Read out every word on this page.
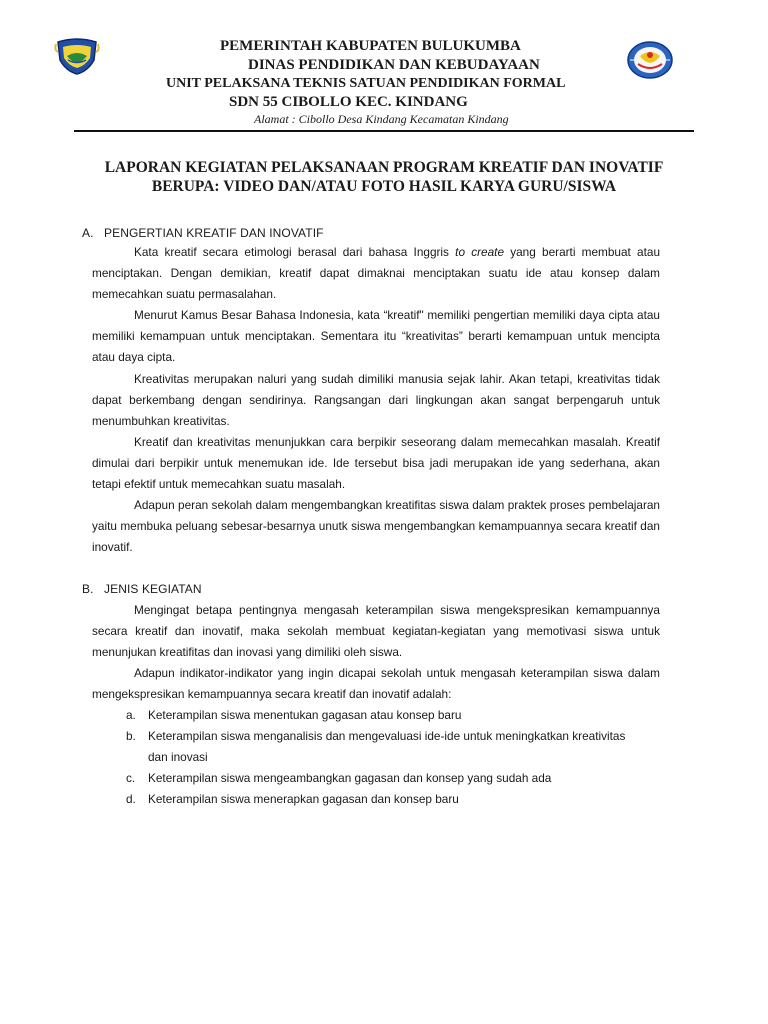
PEMERINTAH KABUPATEN BULUKUMBA
DINAS PENDIDIKAN DAN KEBUDAYAAN
UNIT PELAKSANA TEKNIS SATUAN PENDIDIKAN FORMAL
SDN 55 CIBOLLO KEC. KINDANG
Alamat : Cibollo Desa Kindang Kecamatan Kindang
LAPORAN KEGIATAN PELAKSANAAN PROGRAM KREATIF DAN INOVATIF BERUPA: VIDEO DAN/ATAU FOTO HASIL KARYA GURU/SISWA
A. PENGERTIAN KREATIF DAN INOVATIF

Kata kreatif secara etimologi berasal dari bahasa Inggris to create yang berarti membuat atau menciptakan. Dengan demikian, kreatif dapat dimaknai menciptakan suatu ide atau konsep dalam memecahkan suatu permasalahan.

Menurut Kamus Besar Bahasa Indonesia, kata “kreatif" memiliki pengertian memiliki daya cipta atau memiliki kemampuan untuk menciptakan. Sementara itu “kreativitas” berarti kemampuan untuk mencipta atau daya cipta.

Kreativitas merupakan naluri yang sudah dimiliki manusia sejak lahir. Akan tetapi, kreativitas tidak dapat berkembang dengan sendirinya. Rangsangan dari lingkungan akan sangat berpengaruh untuk menumbuhkan kreativitas.

Kreatif dan kreativitas menunjukkan cara berpikir seseorang dalam memecahkan masalah. Kreatif dimulai dari berpikir untuk menemukan ide. Ide tersebut bisa jadi merupakan ide yang sederhana, akan tetapi efektif untuk memecahkan suatu masalah.

Adapun peran sekolah dalam mengembangkan kreatifitas siswa dalam praktek proses pembelajaran yaitu membuka peluang sebesar-besarnya unutk siswa mengembangkan kemampuannya secara kreatif dan inovatif.

B. JENIS KEGIATAN

Mengingat betapa pentingnya mengasah keterampilan siswa mengekspresikan kemampuannya secara kreatif dan inovatif, maka sekolah membuat kegiatan-kegiatan yang memotivasi siswa untuk menunjukan kreatifitas dan inovasi yang dimiliki oleh siswa.

Adapun indikator-indikator yang ingin dicapai sekolah untuk mengasah keterampilan siswa dalam mengekspresikan kemampuannya secara kreatif dan inovatif adalah:

a.	Keterampilan siswa menentukan gagasan atau konsep baru
b.	Keterampilan siswa menganalisis dan mengevaluasi ide-ide untuk meningkatkan kreativitas dan inovasi
c.	Keterampilan siswa mengeambangkan gagasan dan konsep yang sudah ada
d.	Keterampilan siswa menerapkan gagasan dan konsep baru
